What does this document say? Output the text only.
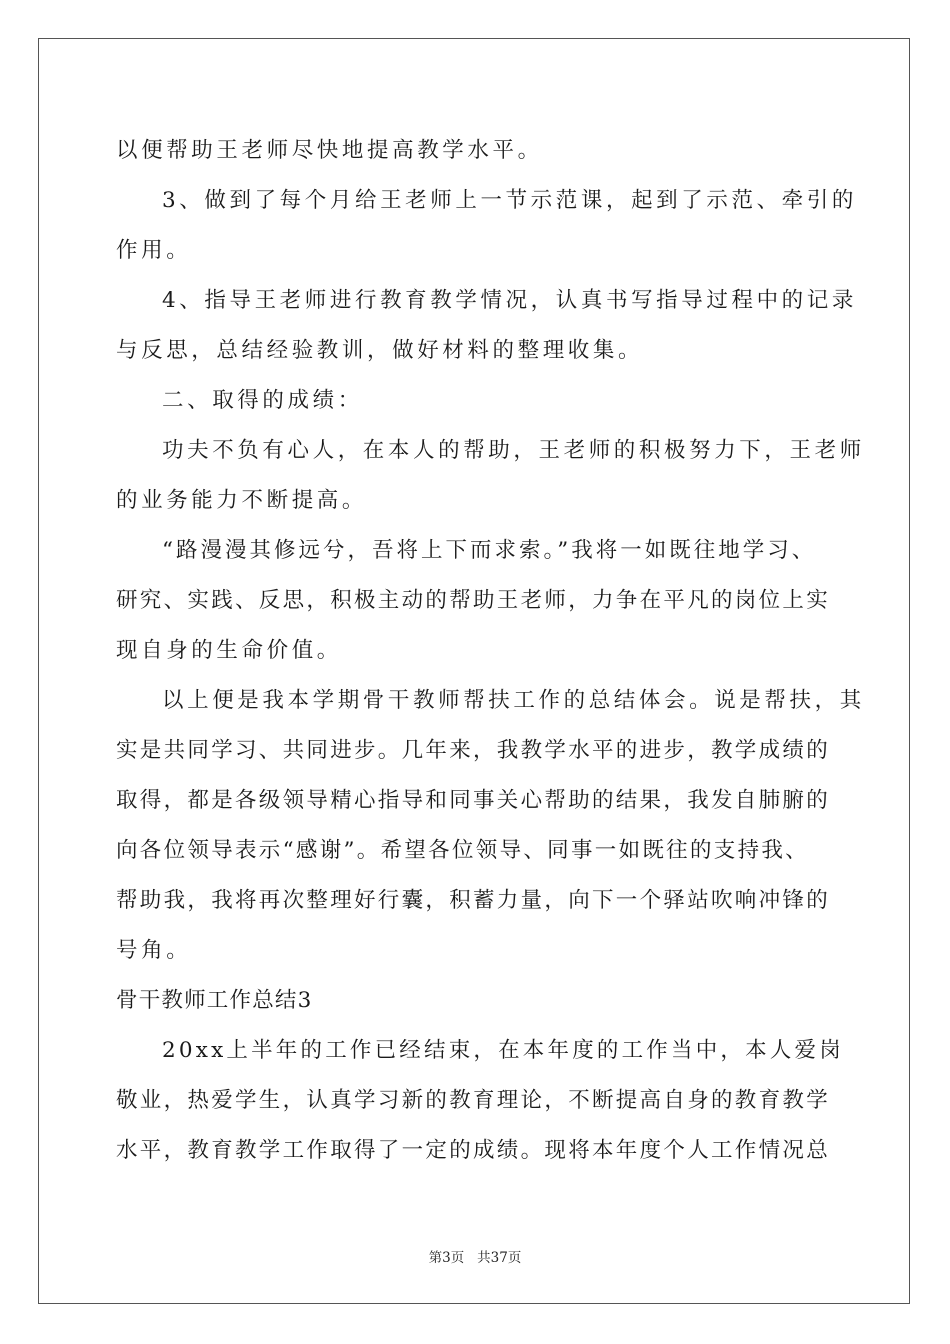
以便帮助王老师尽快地提高教学水平。
3、做到了每个月给王老师上一节示范课，起到了示范、牵引的
作用。
4、指导王老师进行教育教学情况，认真书写指导过程中的记录
与反思，总结经验教训，做好材料的整理收集。
二、取得的成绩：
功夫不负有心人，在本人的帮助，王老师的积极努力下，王老师
的业务能力不断提高。
“路漫漫其修远兮，吾将上下而求索。”我将一如既往地学习、
研究、实践、反思，积极主动的帮助王老师，力争在平凡的岗位上实
现自身的生命价值。
以上便是我本学期骨干教师帮扶工作的总结体会。说是帮扶，其
实是共同学习、共同进步。几年来，我教学水平的进步，教学成绩的
取得，都是各级领导精心指导和同事关心帮助的结果，我发自肺腑的
向各位领导表示“感谢”。希望各位领导、同事一如既往的支持我、
帮助我，我将再次整理好行囊，积蓄力量，向下一个驿站吹响冲锋的
号角。
骨干教师工作总结3
20xx上半年的工作已经结束，在本年度的工作当中，本人爱岗
敬业，热爱学生，认真学习新的教育理论，不断提高自身的教育教学
水平，教育教学工作取得了一定的成绩。现将本年度个人工作情况总
第3页 共37页
